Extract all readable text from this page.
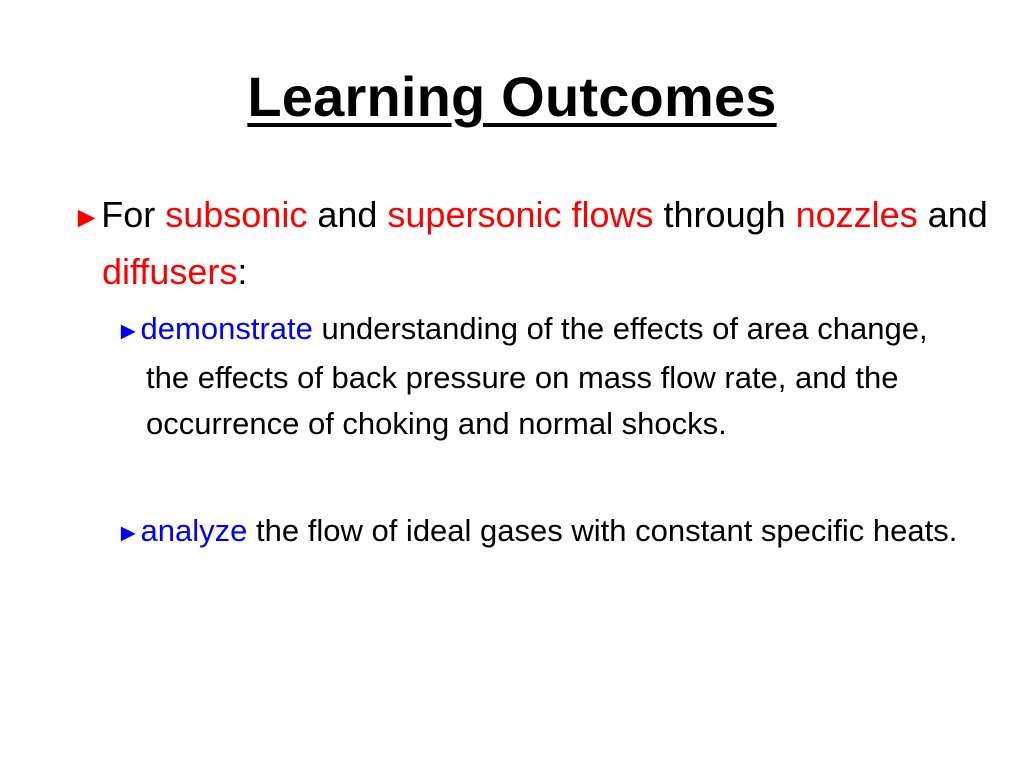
Learning Outcomes
►For subsonic and supersonic flows through nozzles and diffusers:
►demonstrate understanding of the effects of area change, the effects of back pressure on mass flow rate, and the occurrence of choking and normal shocks.
►analyze the flow of ideal gases with constant specific heats.
